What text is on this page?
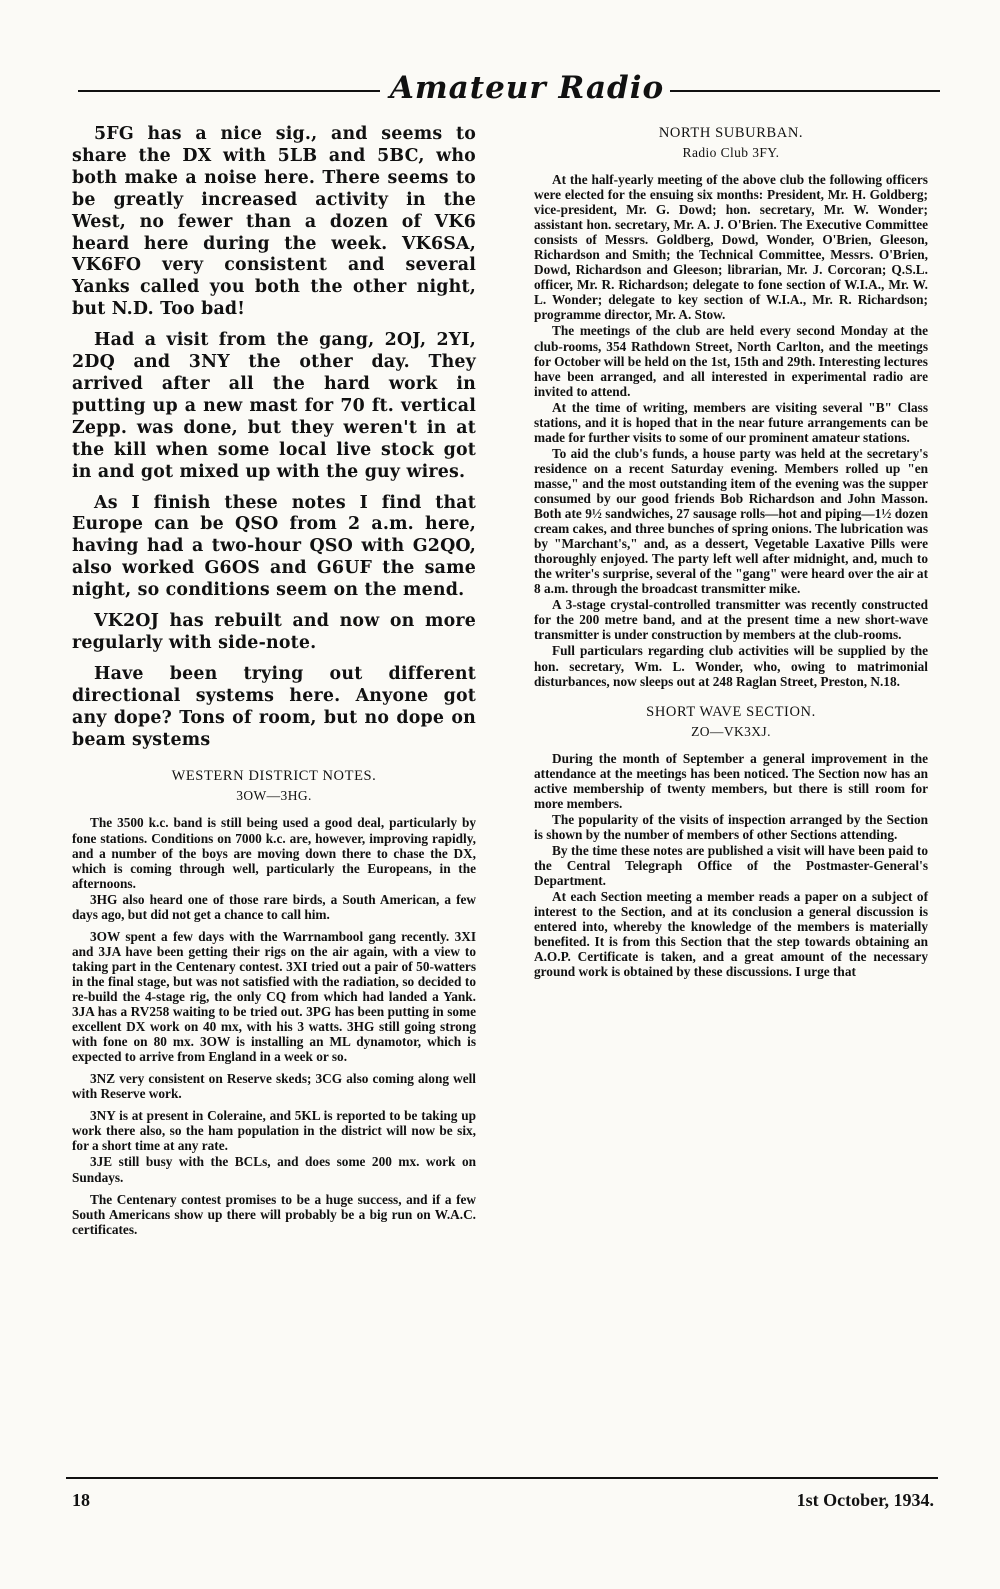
Amateur Radio

5FG has a nice sig., and seems to share the DX with 5LB and 5BC, who both make a noise here. There seems to be greatly increased activity in the West, no fewer than a dozen of VK6 heard here during the week. VK6SA, VK6FO very consistent and several Yanks called you both the other night, but N.D. Too bad!

Had a visit from the gang, 2OJ, 2YI, 2DQ and 3NY the other day. They arrived after all the hard work in putting up a new mast for 70 ft. vertical Zepp. was done, but they weren't in at the kill when some local live stock got in and got mixed up with the guy wires.

As I finish these notes I find that Europe can be QSO from 2 a.m. here, having had a two-hour QSO with G2QO, also worked G6OS and G6UF the same night, so conditions seem on the mend.

VK2OJ has rebuilt and now on more regularly with side-note.

Have been trying out different directional systems here. Anyone got any dope? Tons of room, but no dope on beam systems

WESTERN DISTRICT NOTES.
3OW—3HG.

The 3500 k.c. band is still being used a good deal, particularly by fone stations. Conditions on 7000 k.c. are, however, improving rapidly, and a number of the boys are moving down there to chase the DX, which is coming through well, particularly the Europeans, in the afternoons.

3HG also heard one of those rare birds, a South American, a few days ago, but did not get a chance to call him.

3OW spent a few days with the Warrnambool gang recently. 3XI and 3JA have been getting their rigs on the air again, with a view to taking part in the Centenary contest. 3XI tried out a pair of 50-watters in the final stage, but was not satisfied with the radiation, so decided to re-build the 4-stage rig, the only CQ from which had landed a Yank. 3JA has a RV258 waiting to be tried out. 3PG has been putting in some excellent DX work on 40 mx, with his 3 watts. 3HG still going strong with fone on 80 mx. 3OW is installing an ML dynamotor, which is expected to arrive from England in a week or so.

3NZ very consistent on Reserve skeds; 3CG also coming along well with Reserve work.

3NY is at present in Coleraine, and 5KL is reported to be taking up work there also, so the ham population in the district will now be six, for a short time at any rate.

3JE still busy with the BCLs, and does some 200 mx. work on Sundays.

The Centenary contest promises to be a huge success, and if a few South Americans show up there will probably be a big run on W.A.C. certificates.

NORTH SUBURBAN.
Radio Club 3FY.

At the half-yearly meeting of the above club the following officers were elected for the ensuing six months: President, Mr. H. Goldberg; vice-president, Mr. G. Dowd; hon. secretary, Mr. W. Wonder; assistant hon. secretary, Mr. A. J. O'Brien. The Executive Committee consists of Messrs. Goldberg, Dowd, Wonder, O'Brien, Gleeson, Richardson and Smith; the Technical Committee, Messrs. O'Brien, Dowd, Richardson and Gleeson; librarian, Mr. J. Corcoran; Q.S.L. officer, Mr. R. Richardson; delegate to fone section of W.I.A., Mr. W. L. Wonder; delegate to key section of W.I.A., Mr. R. Richardson; programme director, Mr. A. Stow.

The meetings of the club are held every second Monday at the club-rooms, 354 Rathdown Street, North Carlton, and the meetings for October will be held on the 1st, 15th and 29th. Interesting lectures have been arranged, and all interested in experimental radio are invited to attend.

At the time of writing, members are visiting several "B" Class stations, and it is hoped that in the near future arrangements can be made for further visits to some of our prominent amateur stations.

To aid the club's funds, a house party was held at the secretary's residence on a recent Saturday evening. Members rolled up "en masse," and the most outstanding item of the evening was the supper consumed by our good friends Bob Richardson and John Masson. Both ate 9½ sandwiches, 27 sausage rolls—hot and piping—1½ dozen cream cakes, and three bunches of spring onions. The lubrication was by "Marchant's," and, as a dessert, Vegetable Laxative Pills were thoroughly enjoyed. The party left well after midnight, and, much to the writer's surprise, several of the "gang" were heard over the air at 8 a.m. through the broadcast transmitter mike.

A 3-stage crystal-controlled transmitter was recently constructed for the 200 metre band, and at the present time a new short-wave transmitter is under construction by members at the club-rooms.

Full particulars regarding club activities will be supplied by the hon. secretary, Wm. L. Wonder, who, owing to matrimonial disturbances, now sleeps out at 248 Raglan Street, Preston, N.18.

SHORT WAVE SECTION.
ZO—VK3XJ.

During the month of September a general improvement in the attendance at the meetings has been noticed. The Section now has an active membership of twenty members, but there is still room for more members.

The popularity of the visits of inspection arranged by the Section is shown by the number of members of other Sections attending.

By the time these notes are published a visit will have been paid to the Central Telegraph Office of the Postmaster-General's Department.

At each Section meeting a member reads a paper on a subject of interest to the Section, and at its conclusion a general discussion is entered into, whereby the knowledge of the members is materially benefited. It is from this Section that the step towards obtaining an A.O.P. Certificate is taken, and a great amount of the necessary ground work is obtained by these discussions. I urge that

18	1st October, 1934.
